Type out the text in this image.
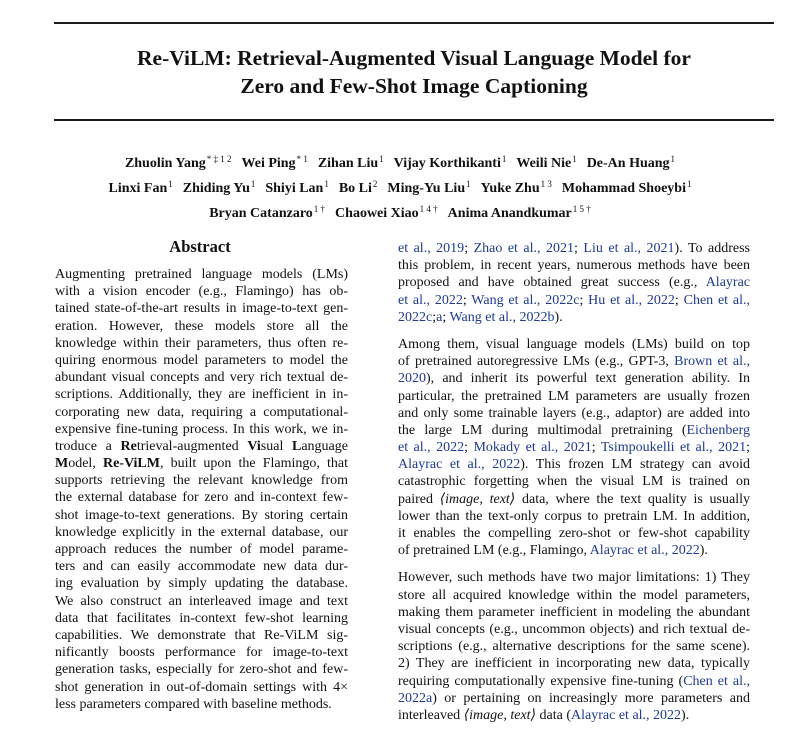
Re-ViLM: Retrieval-Augmented Visual Language Model for
Zero and Few-Shot Image Captioning
Zhuolin Yang$^{* \ddagger 1 2}$ Wei Ping$^{* 1}$ Zihan Liu$^1$ Vijay Korthikanti$^1$ Weili Nie$^1$ De-An Huang$^1$
Linxi Fan$^1$ Zhiding Yu$^1$ Shiyi Lan$^1$ Bo Li$^2$ Ming-Yu Liu$^1$ Yuke Zhu$^{1 3}$ Mohammad Shoeybi$^1$
Bryan Catanzaro$^{1 \dagger}$ Chaowei Xiao$^{1 4 \dagger}$ Anima Anandkumar$^{1 5 \dagger}$
Abstract
Augmenting pretrained language models (LMs)
with a vision encoder (e.g., Flamingo) has ob-
tained state-of-the-art results in image-to-text gen-
eration. However, these models store all the
knowledge within their parameters, thus often re-
quiring enormous model parameters to model the
abundant visual concepts and very rich textual de-
scriptions. Additionally, they are inefficient in in-
corporating new data, requiring a computational-
expensive fine-tuning process. In this work, we in-
troduce a Retrieval-augmented Visual Language
Model, Re-ViLM, built upon the Flamingo, that
supports retrieving the relevant knowledge from
the external database for zero and in-context few-
shot image-to-text generations. By storing certain
knowledge explicitly in the external database, our
approach reduces the number of model parame-
ters and can easily accommodate new data dur-
ing evaluation by simply updating the database.
We also construct an interleaved image and text
data that facilitates in-context few-shot learning
capabilities. We demonstrate that Re-ViLM sig-
nificantly boosts performance for image-to-text
generation tasks, especially for zero-shot and few-
shot generation in out-of-domain settings with 4×
less parameters compared with baseline methods.
et al., 2019; Zhao et al., 2021; Liu et al., 2021). To address
this problem, in recent years, numerous methods have been
proposed and have obtained great success (e.g., Alayrac
et al., 2022; Wang et al., 2022c; Hu et al., 2022; Chen et al.,
2022c;a; Wang et al., 2022b).
Among them, visual language models (LMs) build on top
of pretrained autoregressive LMs (e.g., GPT-3, Brown et al.,
2020), and inherit its powerful text generation ability. In
particular, the pretrained LM parameters are usually frozen
and only some trainable layers (e.g., adaptor) are added into
the large LM during multimodal pretraining (Eichenberg
et al., 2022; Mokady et al., 2021; Tsimpoukelli et al., 2021;
Alayrac et al., 2022). This frozen LM strategy can avoid
catastrophic forgetting when the visual LM is trained on
paired ⟨image, text⟩ data, where the text quality is usually
lower than the text-only corpus to pretrain LM. In addition,
it enables the compelling zero-shot or few-shot capability
of pretrained LM (e.g., Flamingo, Alayrac et al., 2022).
However, such methods have two major limitations: 1) They
store all acquired knowledge within the model parameters,
making them parameter inefficient in modeling the abundant
visual concepts (e.g., uncommon objects) and rich textual de-
scriptions (e.g., alternative descriptions for the same scene).
2) They are inefficient in incorporating new data, typically
requiring computationally expensive fine-tuning (Chen et al.,
2022a) or pertaining on increasingly more parameters and
interleaved ⟨image, text⟩ data (Alayrac et al., 2022).
